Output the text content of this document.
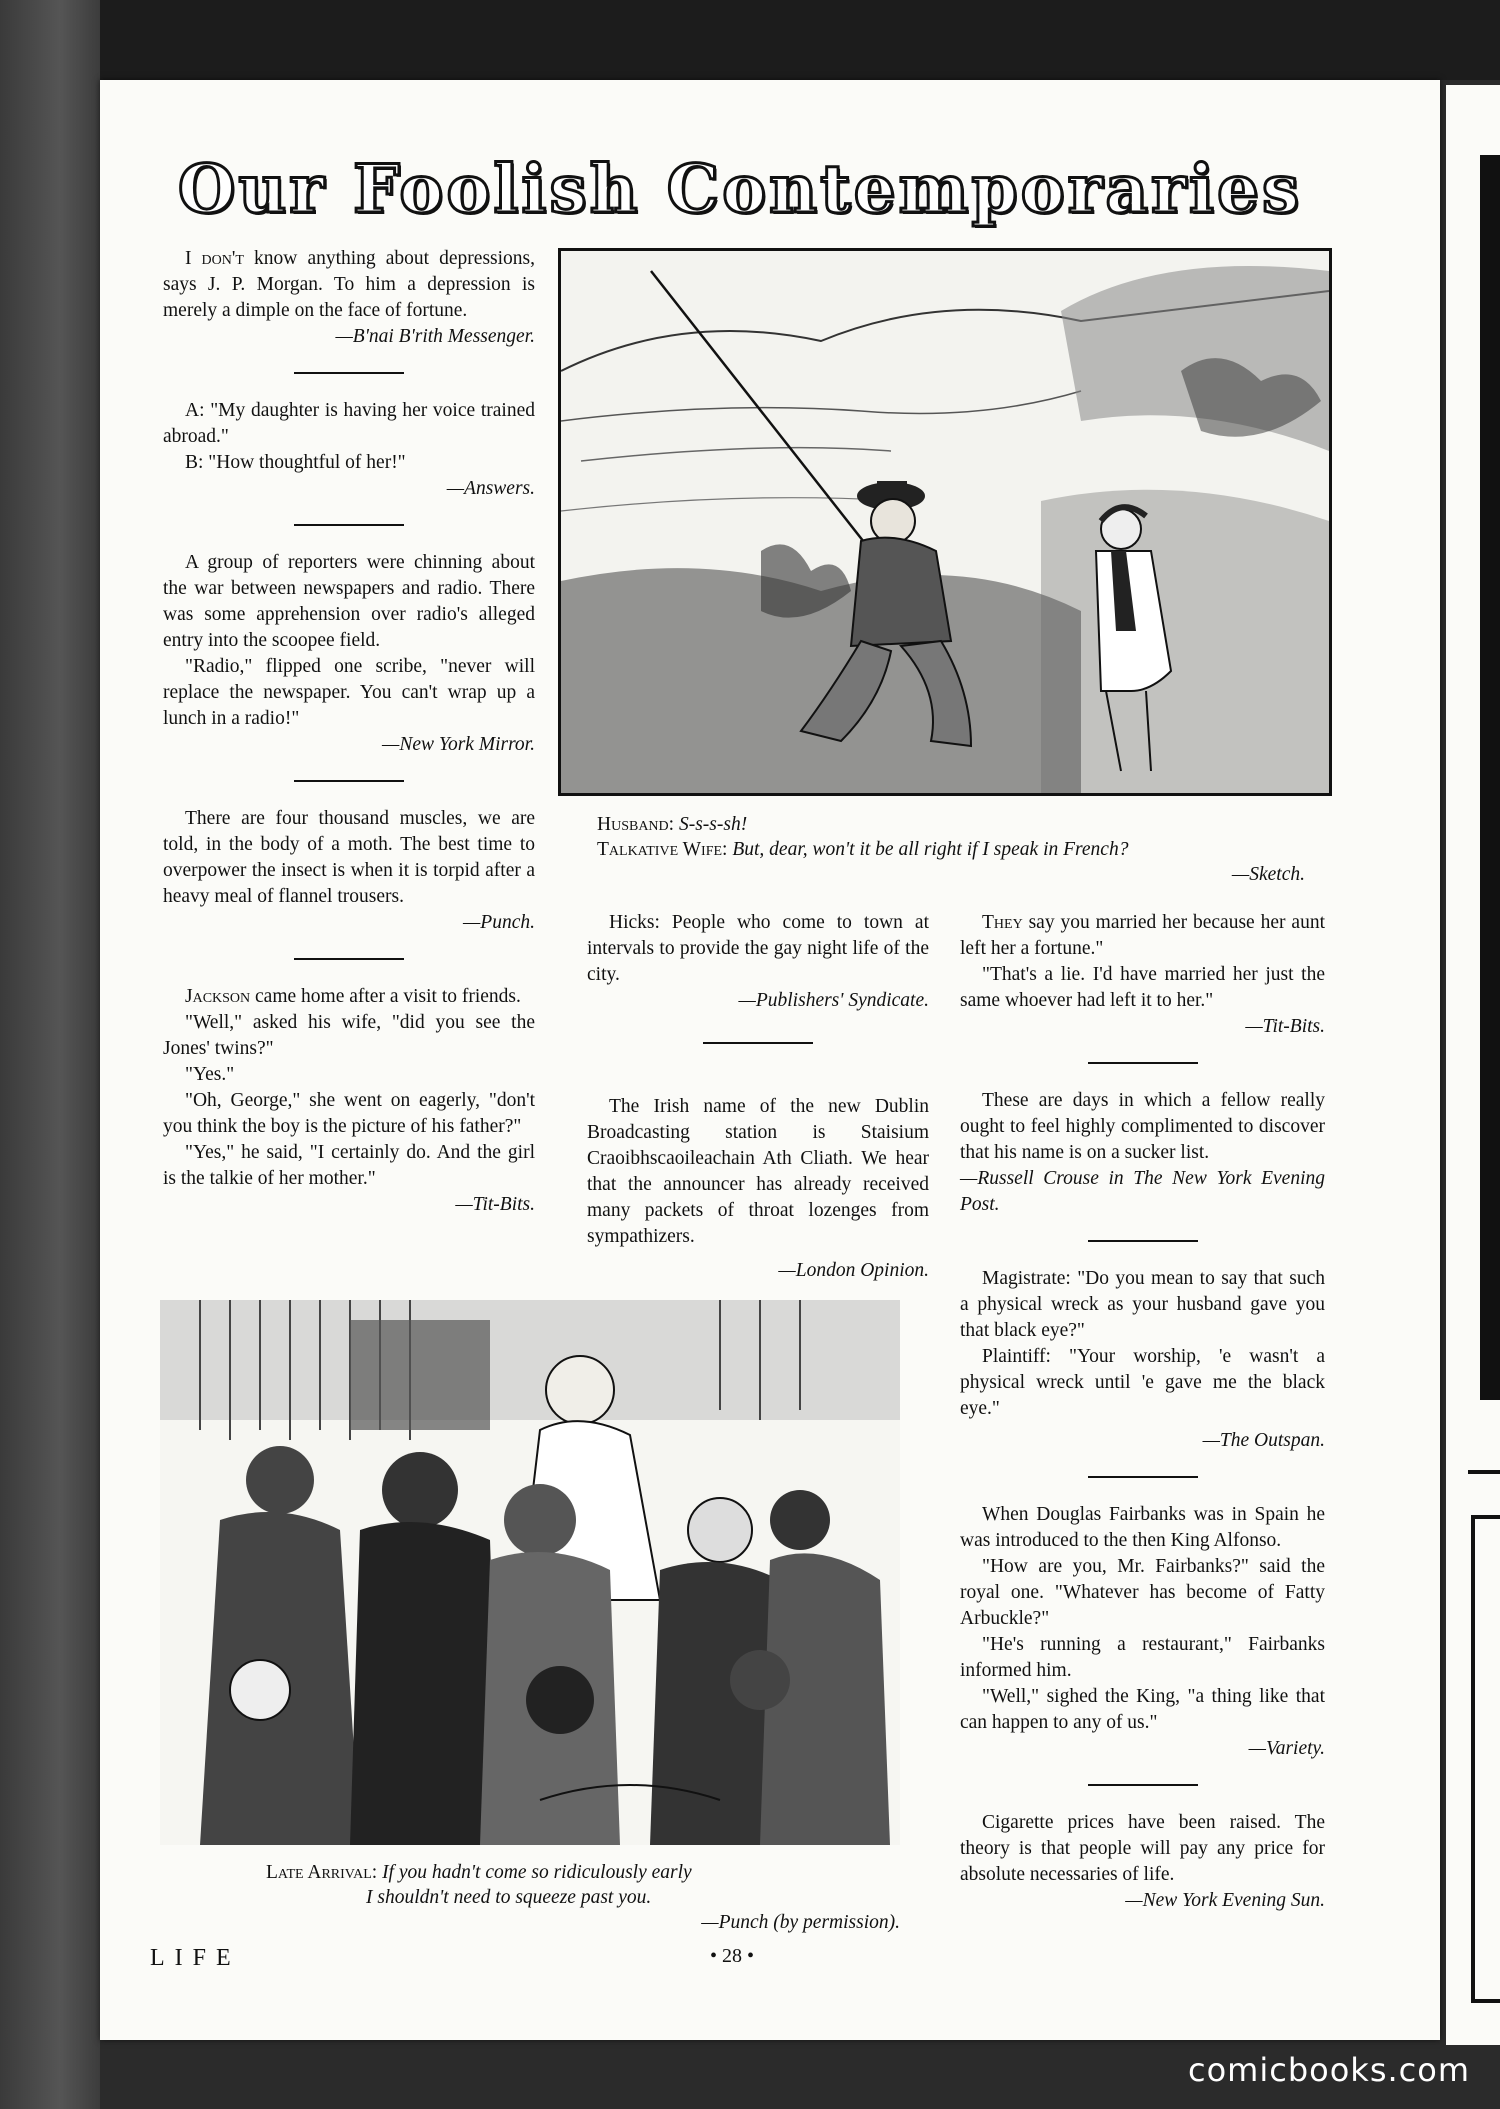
Our Foolish Contemporaries

I don't know anything about depressions, says J. P. Morgan. To him a depression is merely a dimple on the face of fortune.

—B'nai B'rith Messenger.

A: "My daughter is having her voice trained abroad."

B: "How thoughtful of her!"

—Answers.

A group of reporters were chinning about the war between newspapers and radio. There was some apprehension over radio's alleged entry into the scoopee field.

"Radio," flipped one scribe, "never will replace the newspaper. You can't wrap up a lunch in a radio!"

—New York Mirror.

There are four thousand muscles, we are told, in the body of a moth. The best time to overpower the insect is when it is torpid after a heavy meal of flannel trousers.

—Punch.

Jackson came home after a visit to friends.

"Well," asked his wife, "did you see the Jones' twins?"

"Yes."

"Oh, George," she went on eagerly, "don't you think the boy is the picture of his father?"

"Yes," he said, "I certainly do. And the girl is the talkie of her mother."

—Tit-Bits.

Husband: S-s-s-sh!
Talkative Wife: But, dear, won't it be all right if I speak in French?
—Sketch.

Hicks: People who come to town at intervals to provide the gay night life of the city.

—Publishers' Syndicate.

The Irish name of the new Dublin Broadcasting station is Staisium Craoibhscaoileachain Ath Cliath. We hear that the announcer has already received many packets of throat lozenges from sympathizers.

—London Opinion.

They say you married her because her aunt left her a fortune."

"That's a lie. I'd have married her just the same whoever had left it to her."

—Tit-Bits.

These are days in which a fellow really ought to feel highly complimented to discover that his name is on a sucker list.

—Russell Crouse in The New York Evening Post.

Magistrate: "Do you mean to say that such a physical wreck as your husband gave you that black eye?"

Plaintiff: "Your worship, 'e wasn't a physical wreck until 'e gave me the black eye."

—The Outspan.

When Douglas Fairbanks was in Spain he was introduced to the then King Alfonso.

"How are you, Mr. Fairbanks?" said the royal one. "Whatever has become of Fatty Arbuckle?"

"He's running a restaurant," Fairbanks informed him.

"Well," sighed the King, "a thing like that can happen to any of us."

—Variety.

Cigarette prices have been raised. The theory is that people will pay any price for absolute necessaries of life.

—New York Evening Sun.

Late Arrival: If you hadn't come so ridiculously early
I shouldn't need to squeeze past you.
—Punch (by permission).
LIFE	• 28 •
comicbooks.com
